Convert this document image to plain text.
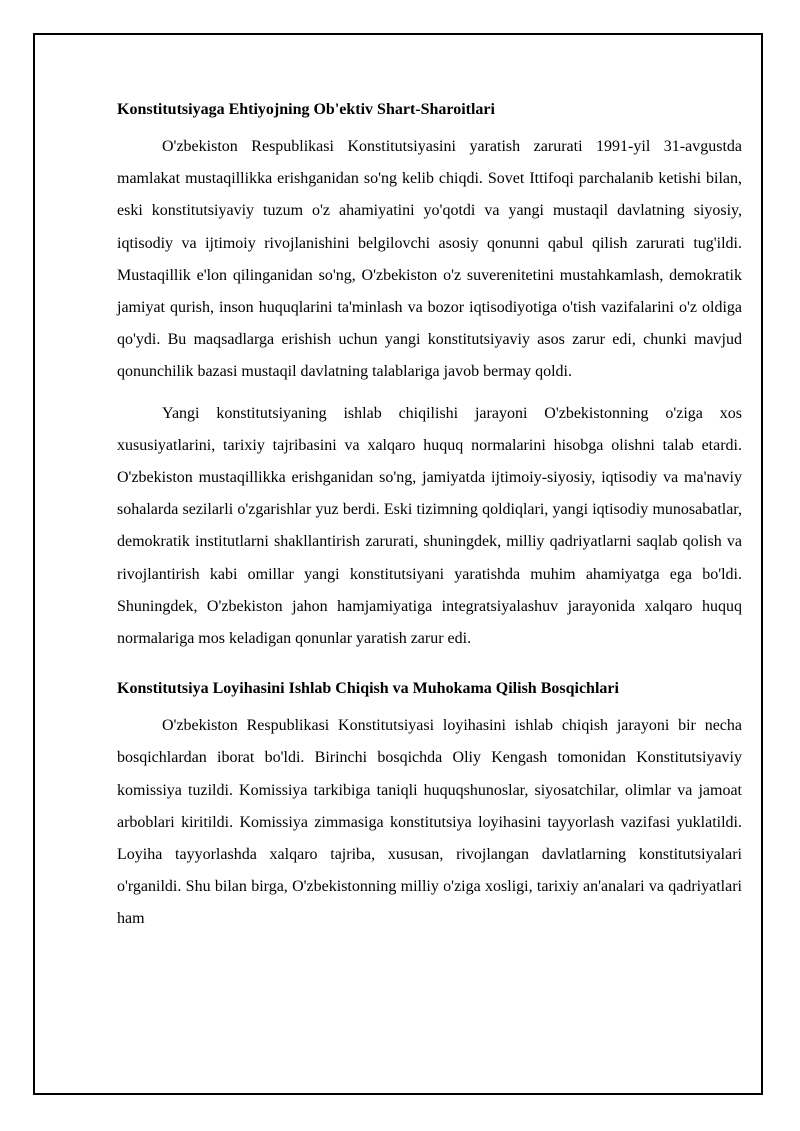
Konstitutsiyaga Ehtiyojning Ob'ektiv Shart-Sharoitlari

O'zbekiston Respublikasi Konstitutsiyasini yaratish zarurati 1991-yil 31-avgustda mamlakat mustaqillikka erishganidan so'ng kelib chiqdi. Sovet Ittifoqi parchalanib ketishi bilan, eski konstitutsiyaviy tuzum o'z ahamiyatini yo'qotdi va yangi mustaqil davlatning siyosiy, iqtisodiy va ijtimoiy rivojlanishini belgilovchi asosiy qonunni qabul qilish zarurati tug'ildi. Mustaqillik e'lon qilinganidan so'ng, O'zbekiston o'z suverenitetini mustahkamlash, demokratik jamiyat qurish, inson huquqlarini ta'minlash va bozor iqtisodiyotiga o'tish vazifalarini o'z oldiga qo'ydi. Bu maqsadlarga erishish uchun yangi konstitutsiyaviy asos zarur edi, chunki mavjud qonunchilik bazasi mustaqil davlatning talablariga javob bermay qoldi.

Yangi konstitutsiyaning ishlab chiqilishi jarayoni O'zbekistonning o'ziga xos xususiyatlarini, tarixiy tajribasini va xalqaro huquq normalarini hisobga olishni talab etardi. O'zbekiston mustaqillikka erishganidan so'ng, jamiyatda ijtimoiy-siyosiy, iqtisodiy va ma'naviy sohalarda sezilarli o'zgarishlar yuz berdi. Eski tizimning qoldiqlari, yangi iqtisodiy munosabatlar, demokratik institutlarni shakllantirish zarurati, shuningdek, milliy qadriyatlarni saqlab qolish va rivojlantirish kabi omillar yangi konstitutsiyani yaratishda muhim ahamiyatga ega bo'ldi. Shuningdek, O'zbekiston jahon hamjamiyatiga integratsiyalashuv jarayonida xalqaro huquq normalariga mos keladigan qonunlar yaratish zarur edi.

Konstitutsiya Loyihasini Ishlab Chiqish va Muhokama Qilish Bosqichlari

O'zbekiston Respublikasi Konstitutsiyasi loyihasini ishlab chiqish jarayoni bir necha bosqichlardan iborat bo'ldi. Birinchi bosqichda Oliy Kengash tomonidan Konstitutsiyaviy komissiya tuzildi. Komissiya tarkibiga taniqli huquqshunoslar, siyosatchilar, olimlar va jamoat arboblari kiritildi. Komissiya zimmasiga konstitutsiya loyihasini tayyorlash vazifasi yuklatildi. Loyiha tayyorlashda xalqaro tajriba, xususan, rivojlangan davlatlarning konstitutsiyalari o'rganildi. Shu bilan birga, O'zbekistonning milliy o'ziga xosligi, tarixiy an'analari va qadriyatlari ham
